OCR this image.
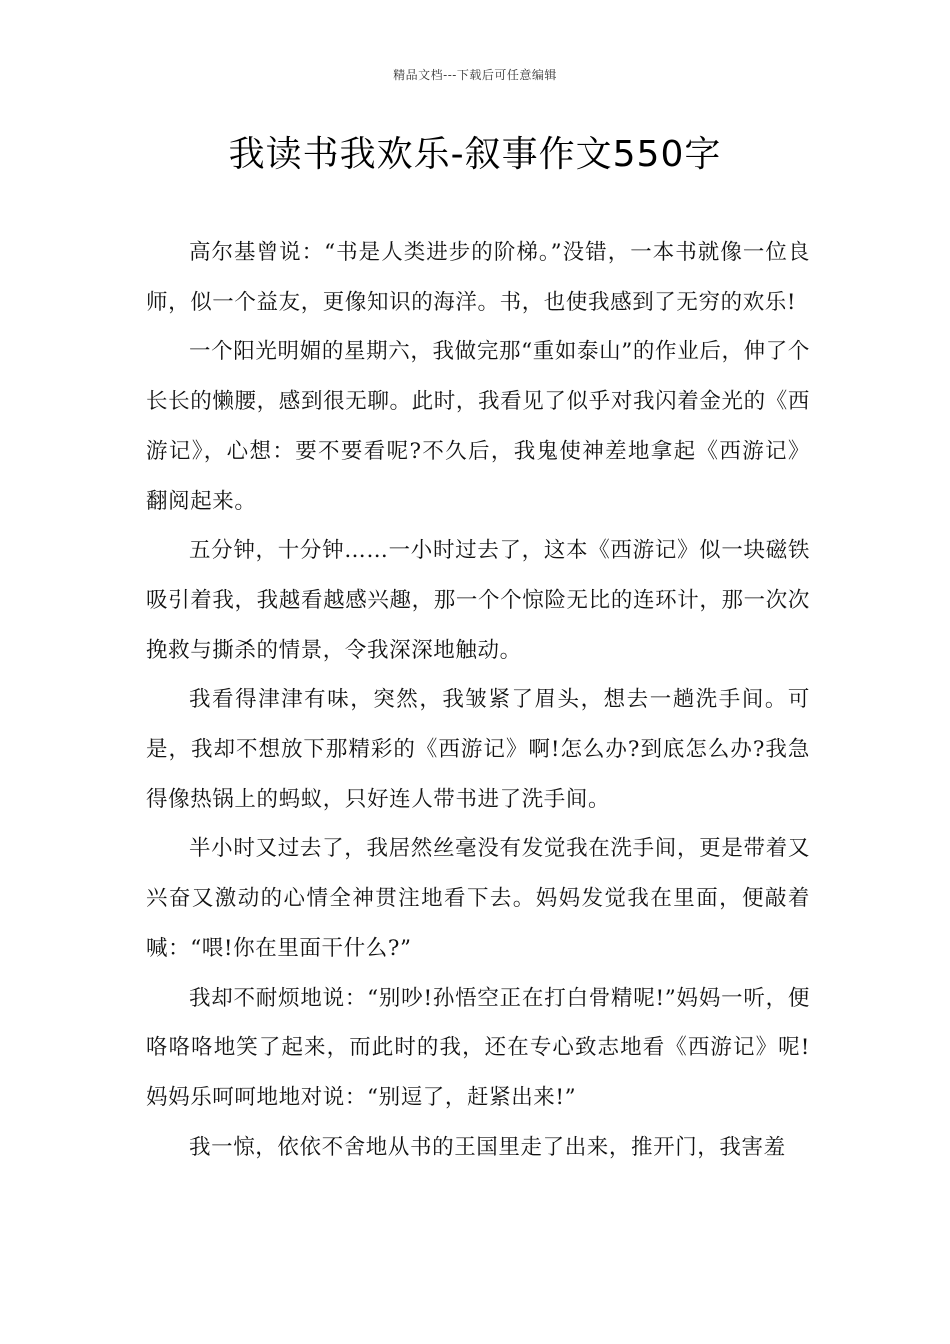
精品文档---下载后可任意编辑
我读书我欢乐-叙事作文550字

高尔基曾说：“书是人类进步的阶梯。”没错，一本书就像一位良师，似一个益友，更像知识的海洋。书，也使我感到了无穷的欢乐!

一个阳光明媚的星期六，我做完那“重如泰山”的作业后，伸了个长长的懒腰，感到很无聊。此时，我看见了似乎对我闪着金光的《西游记》，心想：要不要看呢?不久后，我鬼使神差地拿起《西游记》翻阅起来。

五分钟，十分钟……一小时过去了，这本《西游记》似一块磁铁吸引着我，我越看越感兴趣，那一个个惊险无比的连环计，那一次次挽救与撕杀的情景，令我深深地触动。

我看得津津有味，突然，我皱紧了眉头，想去一趟洗手间。可是，我却不想放下那精彩的《西游记》啊!怎么办?到底怎么办?我急得像热锅上的蚂蚁，只好连人带书进了洗手间。

半小时又过去了，我居然丝毫没有发觉我在洗手间，更是带着又兴奋又激动的心情全神贯注地看下去。妈妈发觉我在里面，便敲着喊：“喂!你在里面干什么?”

我却不耐烦地说：“别吵!孙悟空正在打白骨精呢!”妈妈一听，便咯咯咯地笑了起来，而此时的我，还在专心致志地看《西游记》呢!妈妈乐呵呵地地对说：“别逗了，赶紧出来!”

我一惊，依依不舍地从书的王国里走了出来，推开门，我害羞
